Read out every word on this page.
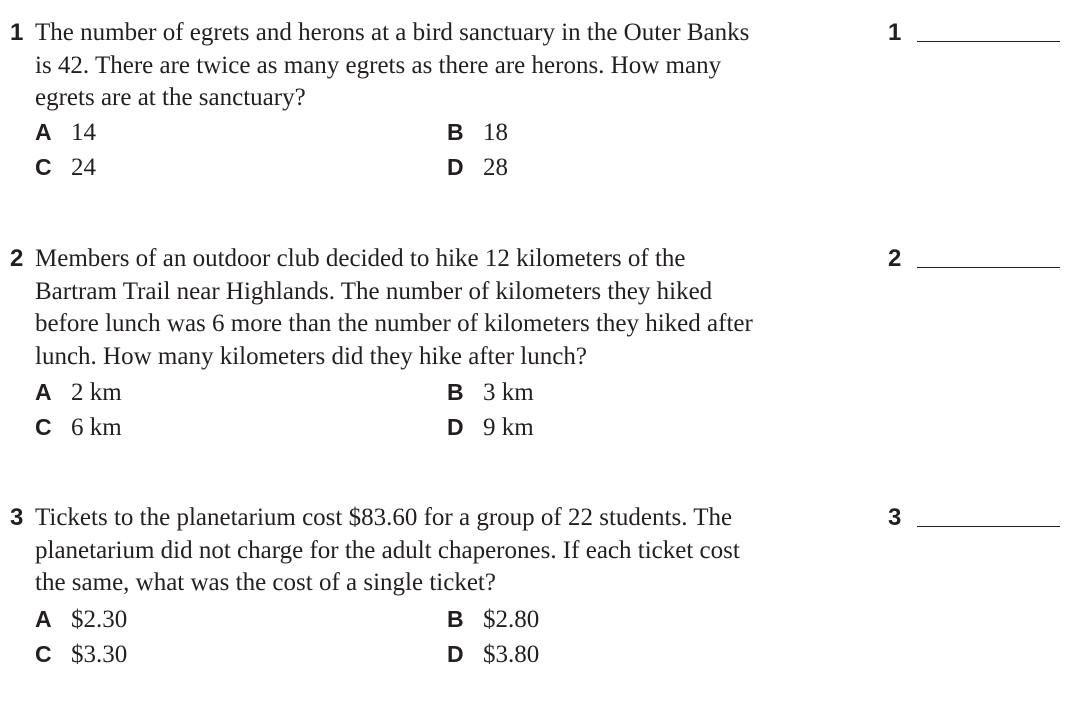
1 The number of egrets and herons at a bird sanctuary in the Outer Banks
is 42. There are twice as many egrets as there are herons. How many
egrets are at the sanctuary?

A 14	B 18
C 24	D 28
1
2 Members of an outdoor club decided to hike 12 kilometers of the
Bartram Trail near Highlands. The number of kilometers they hiked
before lunch was 6 more than the number of kilometers they hiked after
lunch. How many kilometers did they hike after lunch?

A 2 km	B 3 km
C 6 km	D 9 km
2
3 Tickets to the planetarium cost $83.60 for a group of 22 students. The
planetarium did not charge for the adult chaperones. If each ticket cost
the same, what was the cost of a single ticket?

A $2.30	B $2.80
C $3.30	D $3.80
3
